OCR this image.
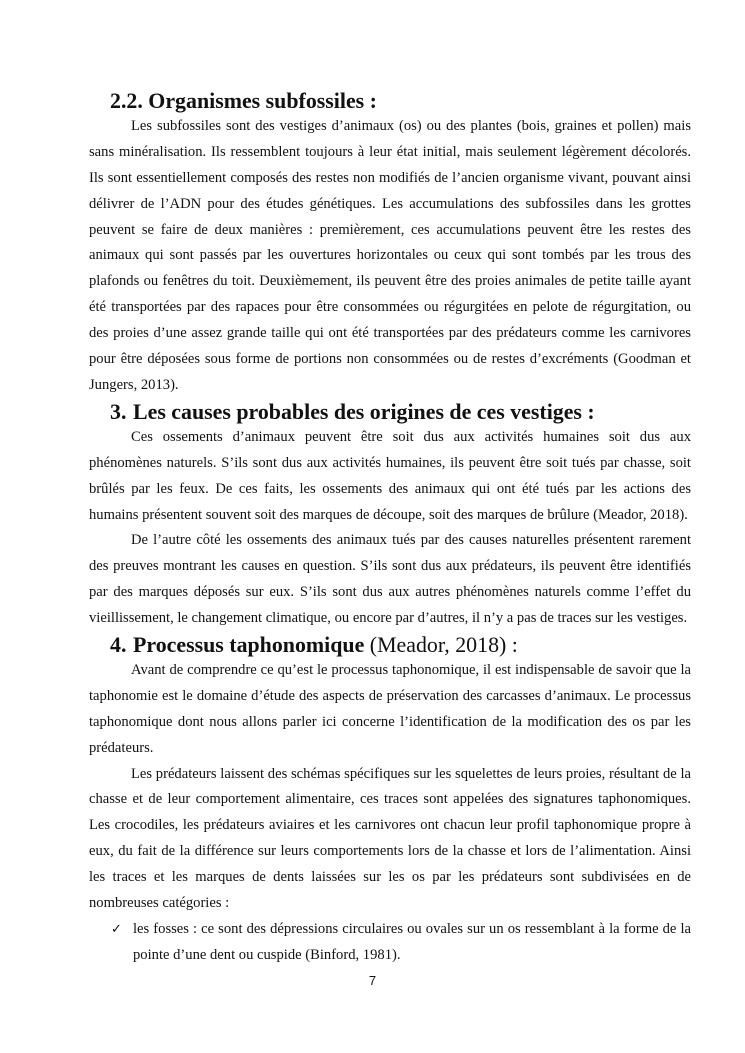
2.2. Organismes subfossiles :

Les subfossiles sont des vestiges d’animaux (os) ou des plantes (bois, graines et pollen) mais sans minéralisation. Ils ressemblent toujours à leur état initial, mais seulement légèrement décolorés. Ils sont essentiellement composés des restes non modifiés de l’ancien organisme vivant, pouvant ainsi délivrer de l’ADN pour des études génétiques. Les accumulations des subfossiles dans les grottes peuvent se faire de deux manières : premièrement, ces accumulations peuvent être les restes des animaux qui sont passés par les ouvertures horizontales ou ceux qui sont tombés par les trous des plafonds ou fenêtres du toit. Deuxièmement, ils peuvent être des proies animales de petite taille ayant été transportées par des rapaces pour être consommées ou régurgitées en pelote de régurgitation, ou des proies d’une assez grande taille qui ont été transportées par des prédateurs comme les carnivores pour être déposées sous forme de portions non consommées ou de restes d’excréments (Goodman et Jungers, 2013).

3. Les causes probables des origines de ces vestiges :

Ces ossements d’animaux peuvent être soit dus aux activités humaines soit dus aux phénomènes naturels. S’ils sont dus aux activités humaines, ils peuvent être soit tués par chasse, soit brûlés par les feux. De ces faits, les ossements des animaux qui ont été tués par les actions des humains présentent souvent soit des marques de découpe, soit des marques de brûlure (Meador, 2018).

De l’autre côté les ossements des animaux tués par des causes naturelles présentent rarement des preuves montrant les causes en question. S’ils sont dus aux prédateurs, ils peuvent être identifiés par des marques déposés sur eux. S’ils sont dus aux autres phénomènes naturels comme l’effet du vieillissement, le changement climatique, ou encore par d’autres, il n’y a pas de traces sur les vestiges.

4. Processus taphonomique (Meador, 2018) :

Avant de comprendre ce qu’est le processus taphonomique, il est indispensable de savoir que la taphonomie est le domaine d’étude des aspects de préservation des carcasses d’animaux. Le processus taphonomique dont nous allons parler ici concerne l’identification de la modification des os par les prédateurs.

Les prédateurs laissent des schémas spécifiques sur les squelettes de leurs proies, résultant de la chasse et de leur comportement alimentaire, ces traces sont appelées des signatures taphonomiques. Les crocodiles, les prédateurs aviaires et les carnivores ont chacun leur profil taphonomique propre à eux, du fait de la différence sur leurs comportements lors de la chasse et lors de l’alimentation. Ainsi les traces et les marques de dents laissées sur les os par les prédateurs sont subdivisées en de nombreuses catégories :

✓ les fosses : ce sont des dépressions circulaires ou ovales sur un os ressemblant à la forme de la pointe d’une dent ou cuspide (Binford, 1981).
7
